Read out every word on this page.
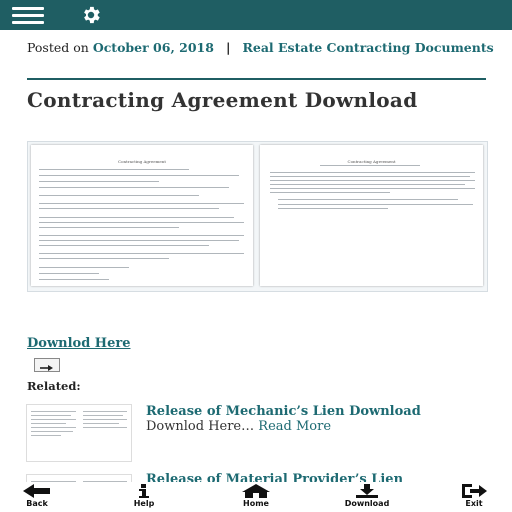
Posted on October 06, 2018 | Real Estate Contracting Documents
Contracting Agreement Download
Contracting Agreement	Contracting Agreement
Downlod Here
Related:
Release of Mechanic’s Lien Download
Downlod Here… Read More
Release of Material Provider’s Lien
Back	Help	Home	Download	Exit
